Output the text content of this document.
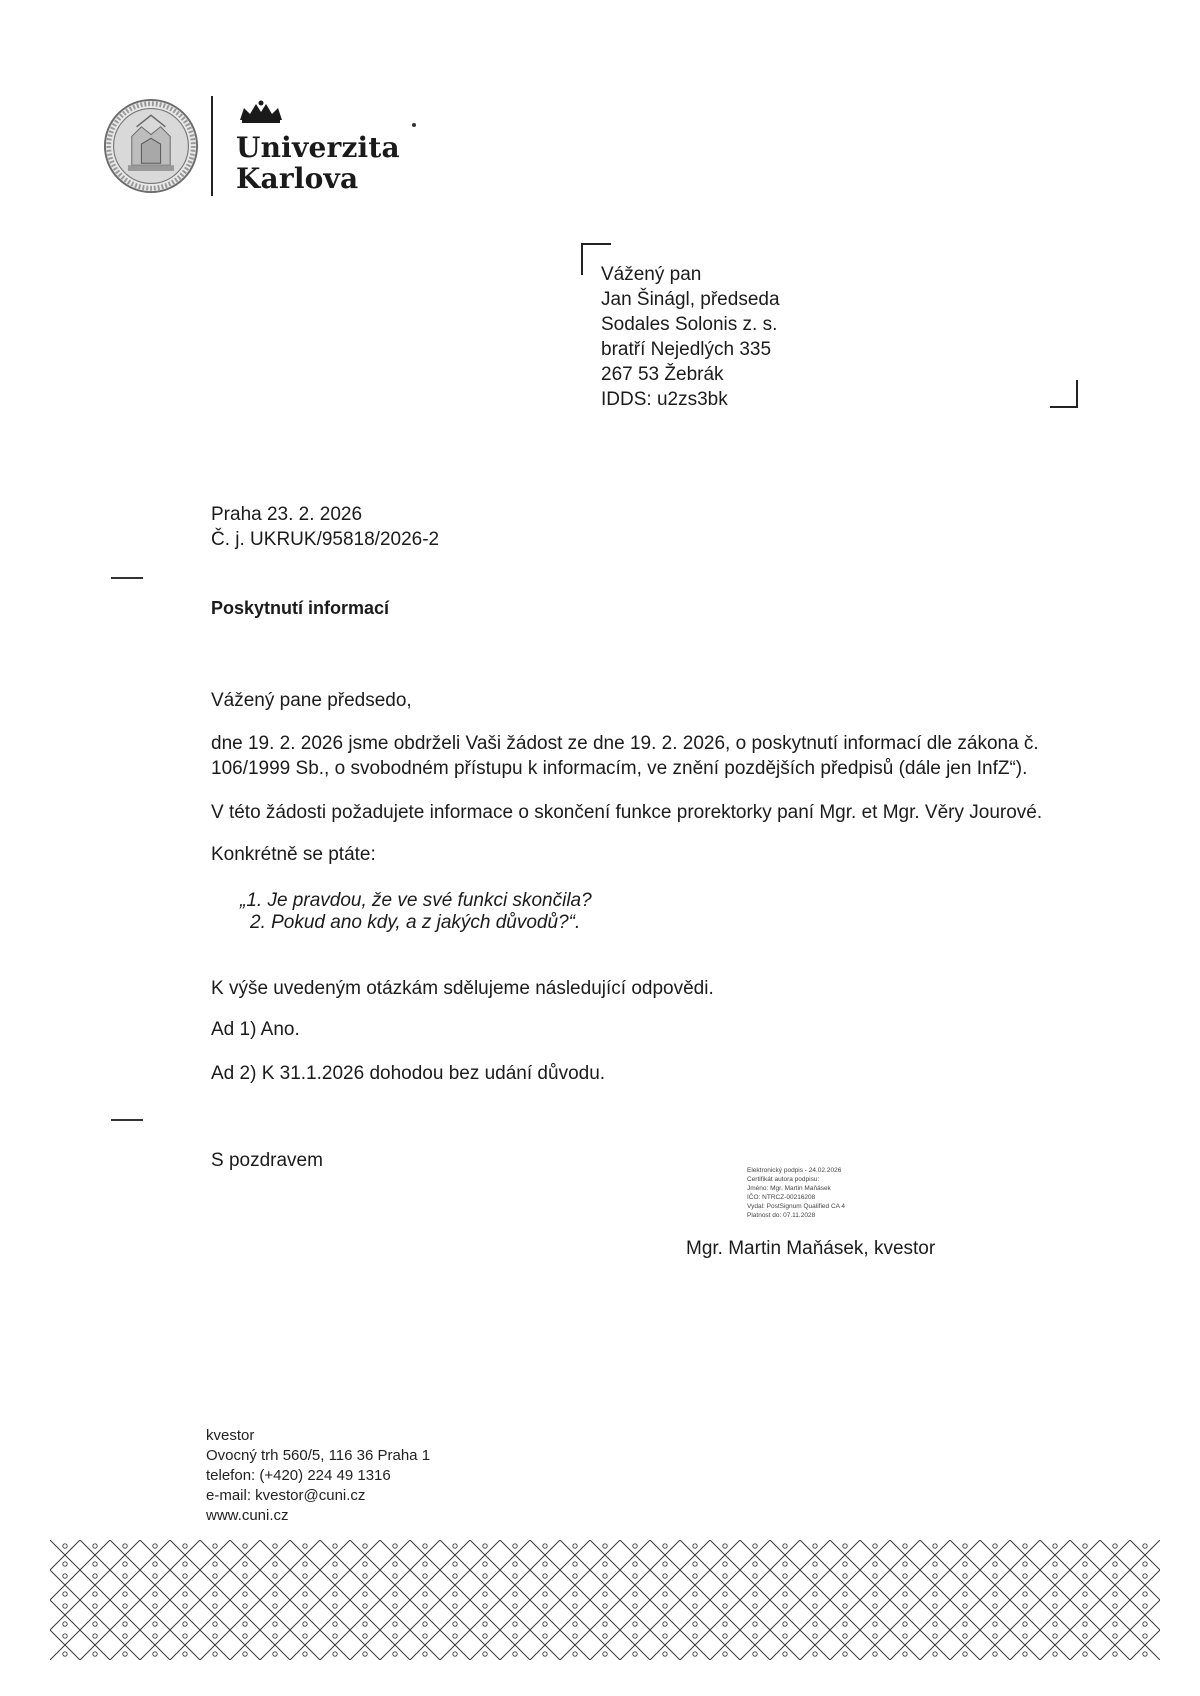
Univerzita
Karlova
Vážený pan
Jan Šinágl, předseda
Sodales Solonis z. s.
bratří Nejedlých 335
267 53 Žebrák
IDDS: u2zs3bk
Praha 23. 2. 2026
Č. j. UKRUK/95818/2026-2
Poskytnutí informací
Vážený pane předsedo,
dne 19. 2. 2026 jsme obdrželi Vaši žádost ze dne 19. 2. 2026, o poskytnutí informací dle zákona č.
106/1999 Sb., o svobodném přístupu k informacím, ve znění pozdějších předpisů (dále jen InfZ“).
V této žádosti požadujete informace o skončení funkce prorektorky paní Mgr. et Mgr. Věry Jourové.
Konkrétně se ptáte:
„1. Je pravdou, že ve své funkci skončila?
2. Pokud ano kdy, a z jakých důvodů?“.
K výše uvedeným otázkám sdělujeme následující odpovědi.
Ad 1) Ano.
Ad 2) K 31.1.2026 dohodou bez udání důvodu.
S pozdravem	Elektronický podpis - 24.02.2026
Certifikát autora podpisu:
Jméno: Mgr. Martin Maňásek
IČO: NTRCZ-00216208
Vydal: PostSignum Qualified CA 4
Platnost do: 07.11.2028
Mgr. Martin Maňásek, kvestor
kvestor
Ovocný trh 560/5, 116 36 Praha 1
telefon: (+420) 224 49 1316
e-mail: kvestor@cuni.cz
www.cuni.cz
